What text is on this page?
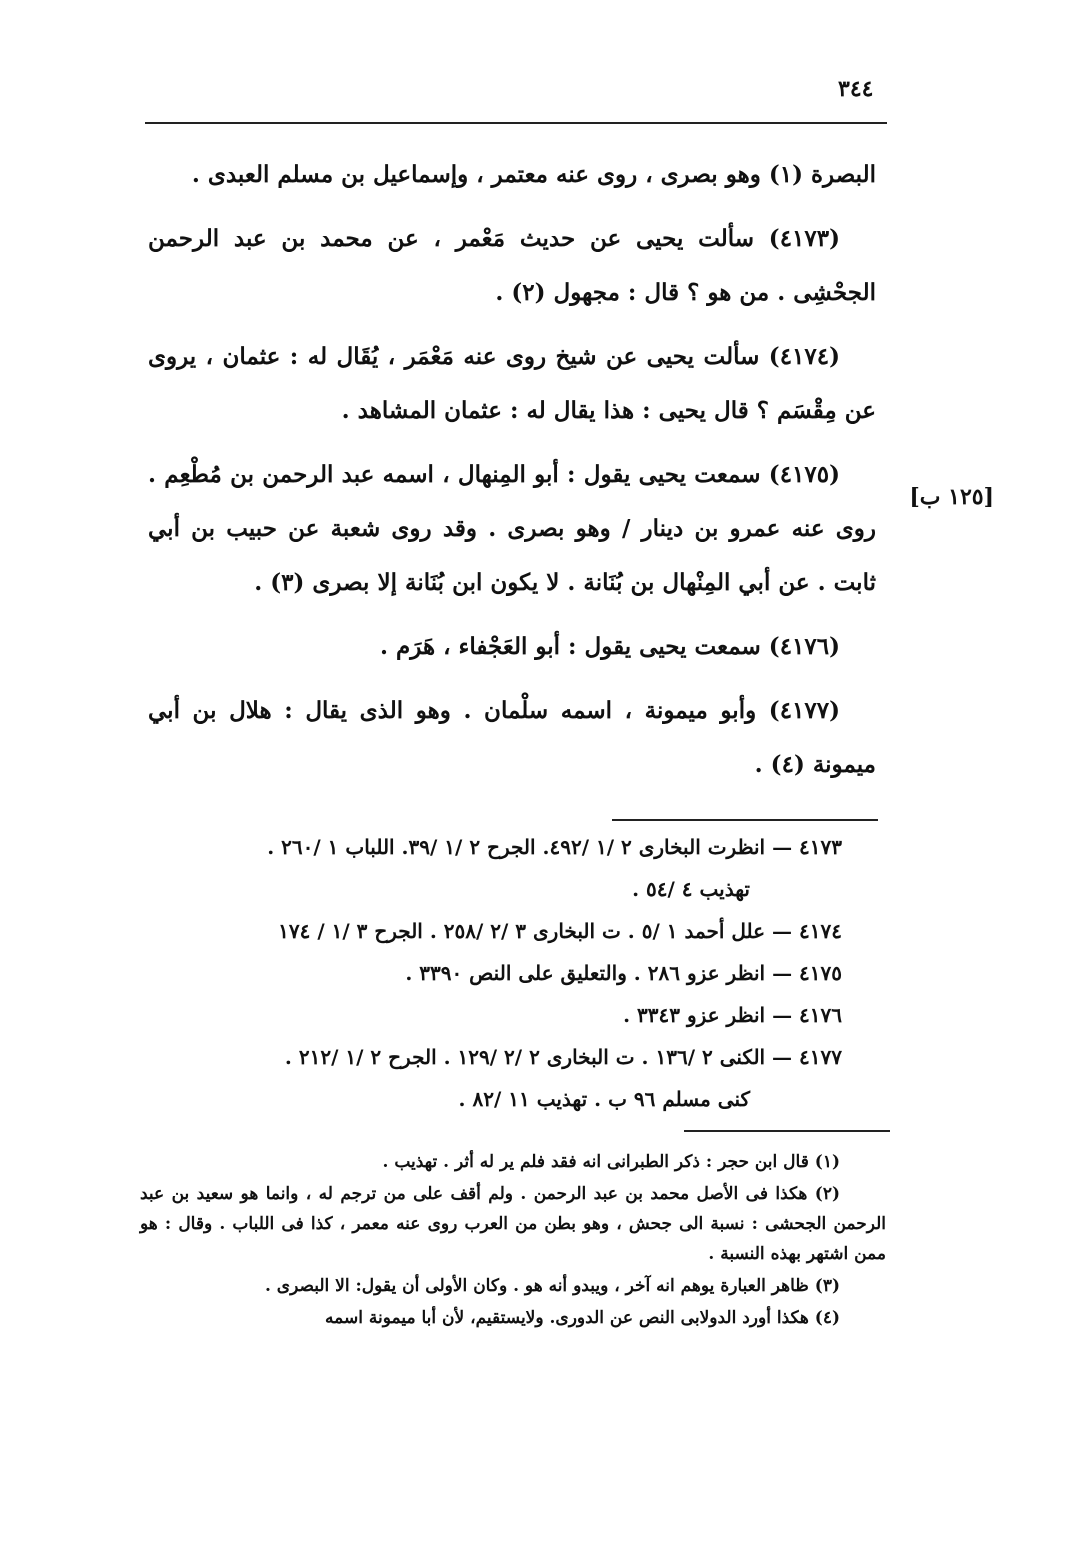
٣٤٤
[١٢٥ ب]

البصرة (١) وهو بصرى ، روى عنه معتمر ، وإسماعيل بن مسلم العبدى .

(٤١٧٣) سألت يحيى عن حديث مَعْمر ، عن محمد بن عبد الرحمن الجحْشِى . من هو ؟ قال : مجهول (٢) .

(٤١٧٤) سألت يحيى عن شيخ روى عنه مَعْمَر ، يُقَال له : عثمان ، يروى عن مِقْسَم ؟ قال يحيى : هذا يقال له : عثمان المشاهد .

(٤١٧٥) سمعت يحيى يقول : أبو المِنهال ، اسمه عبد الرحمن بن مُطْعِم . روى عنه عمرو بن دينار / وهو بصرى . وقد روى شعبة عن حبيب بن أبي ثابت . عن أبي المِنْهال بن بُنَانة . لا يكون ابن بُنَانة إلا بصرى (٣) .

(٤١٧٦) سمعت يحيى يقول : أبو العَجْفاء ، هَرَم .

(٤١٧٧) وأبو ميمونة ، اسمه سلْمان . وهو الذى يقال : هلال بن أبي ميمونة (٤) .

٤١٧٣ — انظرت البخارى ٢ /١ /٤٩٢. الجرح ٢ /١ /٣٩. اللباب ١ /٢٦٠ .

تهذيب ٤ /٥٤ .

٤١٧٤ — علل أحمد ١ /٥ . ت البخارى ٣ /٢ /٢٥٨ . الجرح ٣ /١ / ١٧٤

٤١٧٥ — انظر عزو ٢٨٦ . والتعليق على النص ٣٣٩٠ .

٤١٧٦ — انظر عزو ٣٣٤٣ .

٤١٧٧ — الكنى ٢ /١٣٦ . ت البخارى ٢ /٢ /١٢٩ . الجرح ٢ /١ /٢١٢ .

كنى مسلم ٩٦ ب . تهذيب ١١ /٨٢ .

(١) قال ابن حجر : ذكر الطبرانى انه فقد فلم ير له أثر . تهذيب .

(٢) هكذا فى الأصل محمد بن عبد الرحمن . ولم أقف على من ترجم له ، وانما هو سعيد بن عبد الرحمن الجحشى : نسبة الى جحش ، وهو بطن من العرب روى عنه معمر ، كذا فى اللباب . وقال : هو ممن اشتهر بهذه النسبة .

(٣) ظاهر العبارة يوهم انه آخر ، ويبدو أنه هو . وكان الأولى أن يقول: الا البصرى .

(٤) هكذا أورد الدولابى النص عن الدورى. ولايستقيم، لأن أبا ميمونة اسمه
